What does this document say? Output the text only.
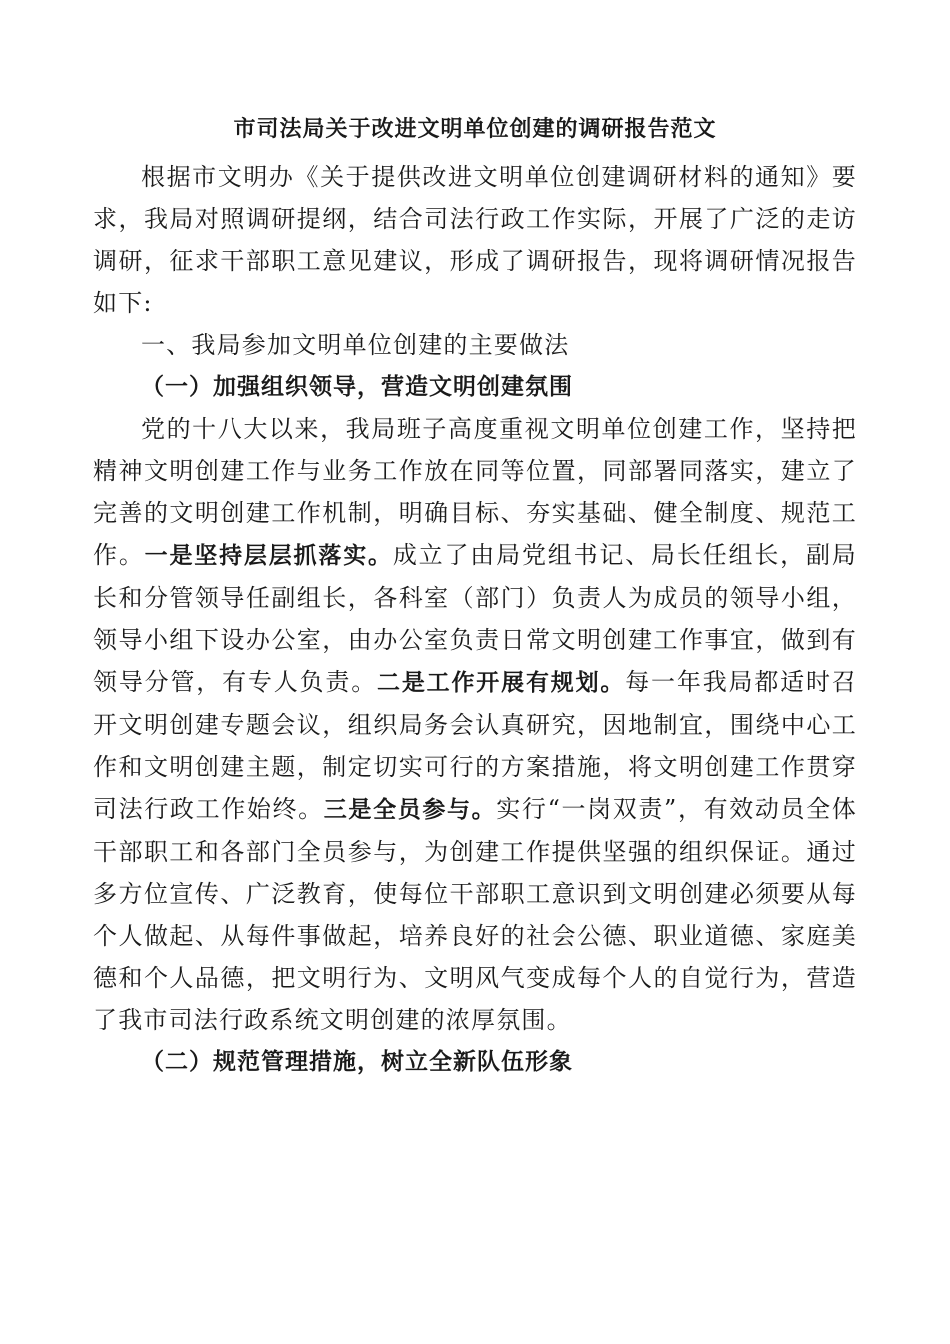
市司法局关于改进文明单位创建的调研报告范文

根据市文明办《关于提供改进文明单位创建调研材料的通知》要求，我局对照调研提纲，结合司法行政工作实际，开展了广泛的走访调研，征求干部职工意见建议，形成了调研报告，现将调研情况报告如下:

一、我局参加文明单位创建的主要做法

（一）加强组织领导，营造文明创建氛围

党的十八大以来，我局班子高度重视文明单位创建工作，坚持把精神文明创建工作与业务工作放在同等位置，同部署同落实，建立了完善的文明创建工作机制，明确目标、夯实基础、健全制度、规范工作。一是坚持层层抓落实。成立了由局党组书记、局长任组长，副局长和分管领导任副组长，各科室（部门）负责人为成员的领导小组，领导小组下设办公室，由办公室负责日常文明创建工作事宜，做到有领导分管，有专人负责。二是工作开展有规划。每一年我局都适时召开文明创建专题会议，组织局务会认真研究，因地制宜，围绕中心工作和文明创建主题，制定切实可行的方案措施，将文明创建工作贯穿司法行政工作始终。三是全员参与。实行“一岗双责”，有效动员全体干部职工和各部门全员参与，为创建工作提供坚强的组织保证。通过多方位宣传、广泛教育，使每位干部职工意识到文明创建必须要从每个人做起、从每件事做起，培养良好的社会公德、职业道德、家庭美德和个人品德，把文明行为、文明风气变成每个人的自觉行为，营造了我市司法行政系统文明创建的浓厚氛围。

（二）规范管理措施，树立全新队伍形象
